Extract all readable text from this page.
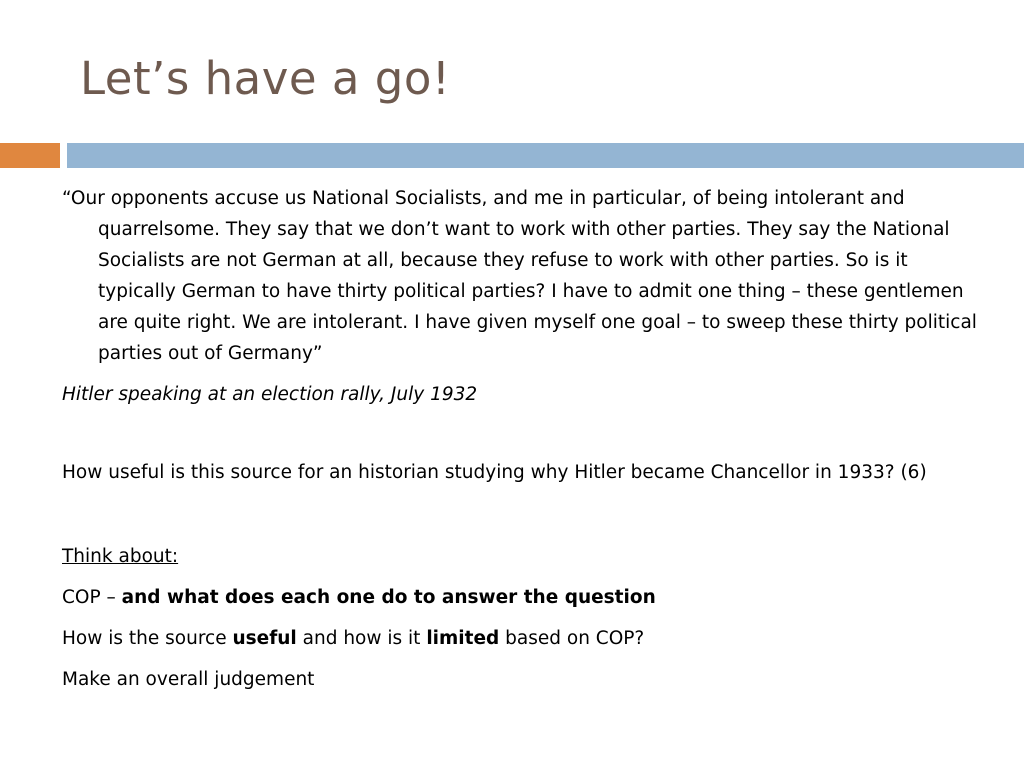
Let’s have a go!

“Our opponents accuse us National Socialists, and me in particular, of being intolerant and quarrelsome. They say that we don’t want to work with other parties. They say the National Socialists are not German at all, because they refuse to work with other parties. So is it typically German to have thirty political parties? I have to admit one thing – these gentlemen are quite right. We are intolerant. I have given myself one goal – to sweep these thirty political parties out of Germany”

Hitler speaking at an election rally, July 1932

How useful is this source for an historian studying why Hitler became Chancellor in 1933? (6)

Think about:

COP – and what does each one do to answer the question

How is the source useful and how is it limited based on COP?

Make an overall judgement
